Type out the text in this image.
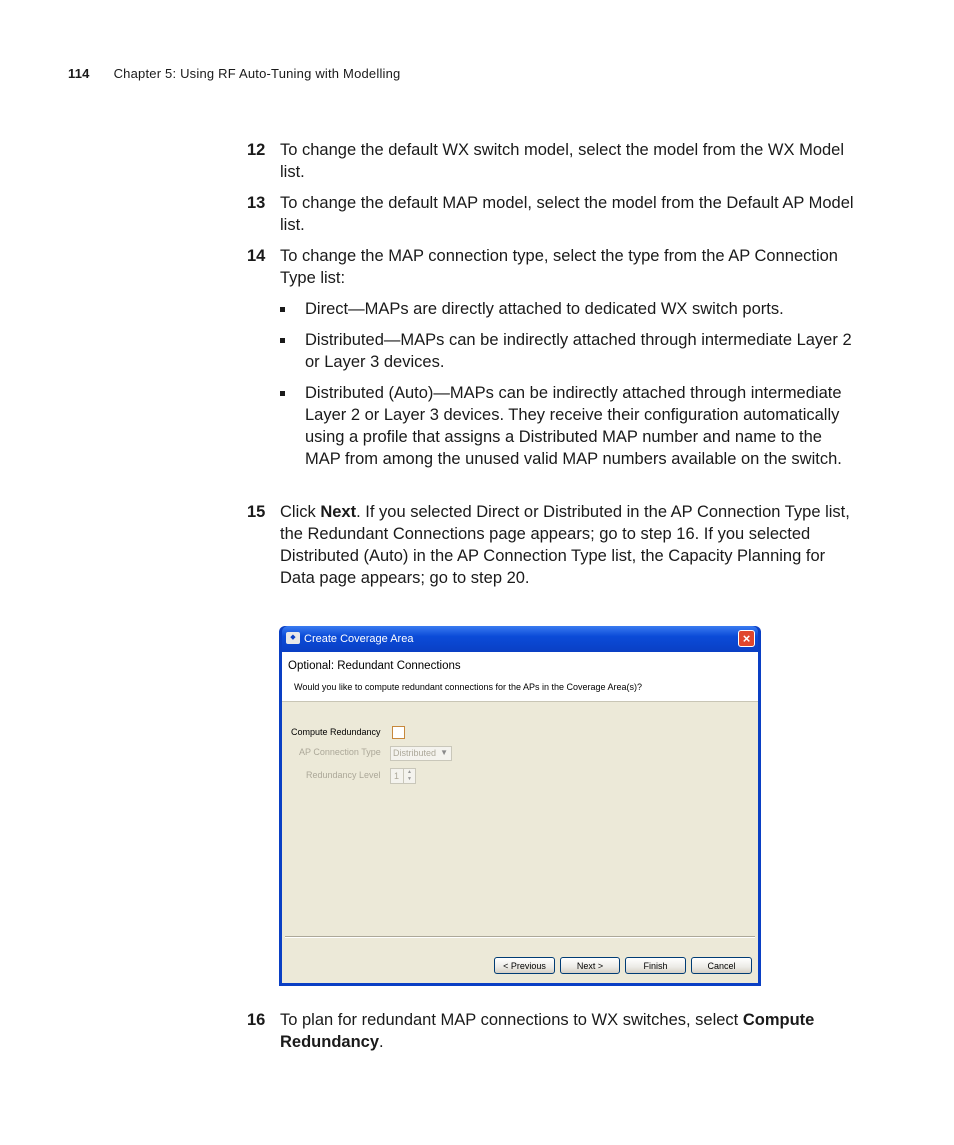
114 Chapter 5: Using RF Auto-Tuning with Modelling
12 To change the default WX switch model, select the model from the WX Model list.
13 To change the default MAP model, select the model from the Default AP Model list.
14 To change the MAP connection type, select the type from the AP Connection Type list:
Direct—MAPs are directly attached to dedicated WX switch ports.
Distributed—MAPs can be indirectly attached through intermediate Layer 2 or Layer 3 devices.
Distributed (Auto)—MAPs can be indirectly attached through intermediate Layer 2 or Layer 3 devices. They receive their configuration automatically using a profile that assigns a Distributed MAP number and name to the MAP from among the unused valid MAP numbers available on the switch.
15 Click Next. If you selected Direct or Distributed in the AP Connection Type list, the Redundant Connections page appears; go to step 16. If you selected Distributed (Auto) in the AP Connection Type list, the Capacity Planning for Data page appears; go to step 20.
◆ Create Coverage Area	×
Optional: Redundant Connections
Would you like to compute redundant connections for the APs in the Coverage Area(s)?
Compute Redundancy
AP Connection Type	Distributed ▼
Redundancy Level 1	▲
▼
< Previous	Next >	Finish	Cancel
16 To plan for redundant MAP connections to WX switches, select Compute Redundancy.
